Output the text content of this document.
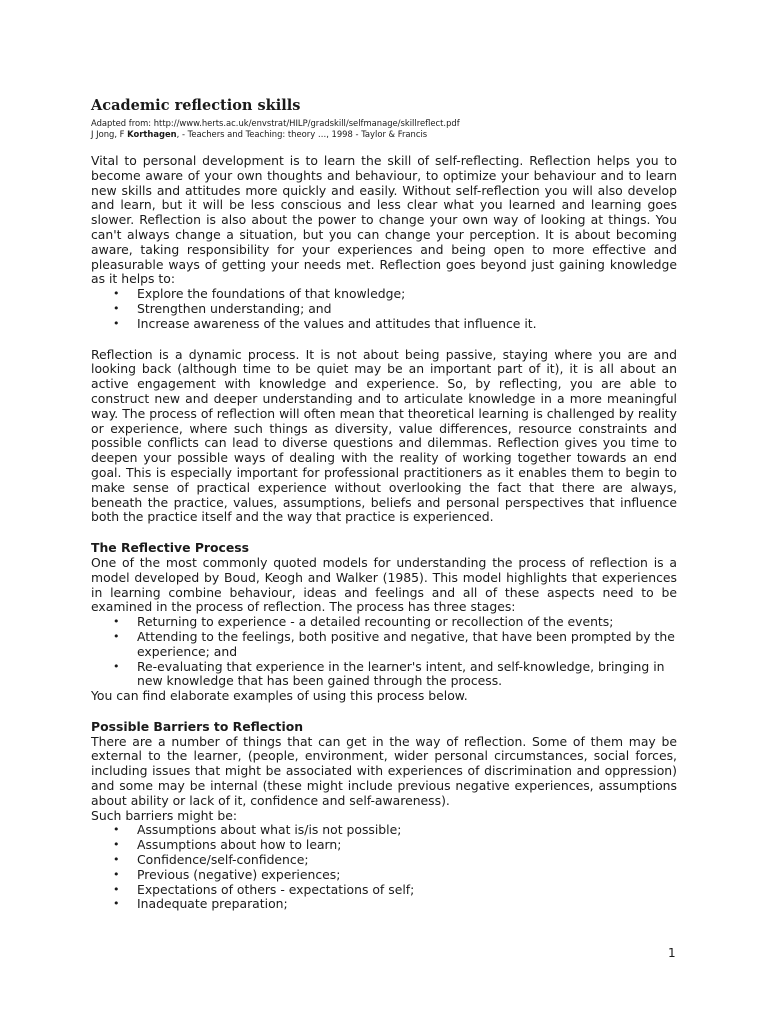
Academic reflection skills

Adapted from: http://www.herts.ac.uk/envstrat/HILP/gradskill/selfmanage/skillreflect.pdf

J Jong, F Korthagen, - Teachers and Teaching: theory …, 1998 - Taylor & Francis

Vital to personal development is to learn the skill of self-reflecting. Reflection helps you to become aware of your own thoughts and behaviour, to optimize your behaviour and to learn new skills and attitudes more quickly and easily. Without self-reflection you will also develop and learn, but it will be less conscious and less clear what you learned and learning goes slower. Reflection is also about the power to change your own way of looking at things. You can't always change a situation, but you can change your perception. It is about becoming aware, taking responsibility for your experiences and being open to more effective and pleasurable ways of getting your needs met. Reflection goes beyond just gaining knowledge as it helps to:

• Explore the foundations of that knowledge;
• Strengthen understanding; and
• Increase awareness of the values and attitudes that influence it.

Reflection is a dynamic process. It is not about being passive, staying where you are and looking back (although time to be quiet may be an important part of it), it is all about an active engagement with knowledge and experience. So, by reflecting, you are able to construct new and deeper understanding and to articulate knowledge in a more meaningful way. The process of reflection will often mean that theoretical learning is challenged by reality or experience, where such things as diversity, value differences, resource constraints and possible conflicts can lead to diverse questions and dilemmas. Reflection gives you time to deepen your possible ways of dealing with the reality of working together towards an end goal. This is especially important for professional practitioners as it enables them to begin to make sense of practical experience without overlooking the fact that there are always, beneath the practice, values, assumptions, beliefs and personal perspectives that influence both the practice itself and the way that practice is experienced.

The Reflective Process

One of the most commonly quoted models for understanding the process of reflection is a model developed by Boud, Keogh and Walker (1985). This model highlights that experiences in learning combine behaviour, ideas and feelings and all of these aspects need to be examined in the process of reflection. The process has three stages:

• Returning to experience - a detailed recounting or recollection of the events;
• Attending to the feelings, both positive and negative, that have been prompted by the experience; and
• Re-evaluating that experience in the learner's intent, and self-knowledge, bringing in new knowledge that has been gained through the process.

You can find elaborate examples of using this process below.

Possible Barriers to Reflection

There are a number of things that can get in the way of reflection. Some of them may be external to the learner, (people, environment, wider personal circumstances, social forces, including issues that might be associated with experiences of discrimination and oppression) and some may be internal (these might include previous negative experiences, assumptions about ability or lack of it, confidence and self-awareness).

Such barriers might be:

• Assumptions about what is/is not possible;
• Assumptions about how to learn;
• Confidence/self-confidence;
• Previous (negative) experiences;
• Expectations of others - expectations of self;
• Inadequate preparation;
1
